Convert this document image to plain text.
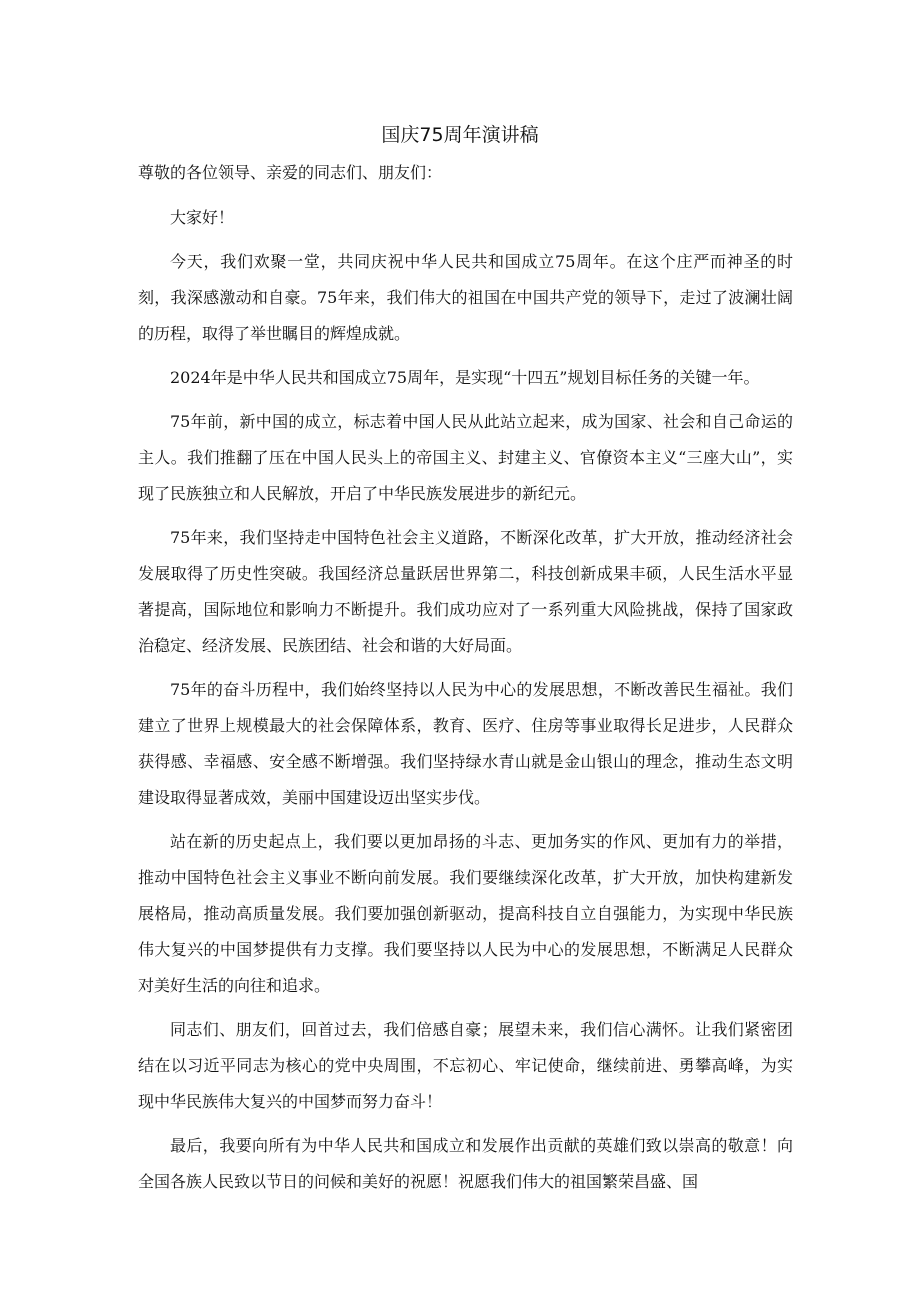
国庆75周年演讲稿

尊敬的各位领导、亲爱的同志们、朋友们：

大家好！

今天，我们欢聚一堂，共同庆祝中华人民共和国成立75周年。在这个庄严而神圣的时刻，我深感激动和自豪。75年来，我们伟大的祖国在中国共产党的领导下，走过了波澜壮阔的历程，取得了举世瞩目的辉煌成就。

2024年是中华人民共和国成立75周年，是实现“十四五”规划目标任务的关键一年。

75年前，新中国的成立，标志着中国人民从此站立起来，成为国家、社会和自己命运的主人。我们推翻了压在中国人民头上的帝国主义、封建主义、官僚资本主义“三座大山”，实现了民族独立和人民解放，开启了中华民族发展进步的新纪元。

75年来，我们坚持走中国特色社会主义道路，不断深化改革，扩大开放，推动经济社会发展取得了历史性突破。我国经济总量跃居世界第二，科技创新成果丰硕，人民生活水平显著提高，国际地位和影响力不断提升。我们成功应对了一系列重大风险挑战，保持了国家政治稳定、经济发展、民族团结、社会和谐的大好局面。

75年的奋斗历程中，我们始终坚持以人民为中心的发展思想，不断改善民生福祉。我们建立了世界上规模最大的社会保障体系，教育、医疗、住房等事业取得长足进步，人民群众获得感、幸福感、安全感不断增强。我们坚持绿水青山就是金山银山的理念，推动生态文明建设取得显著成效，美丽中国建设迈出坚实步伐。

站在新的历史起点上，我们要以更加昂扬的斗志、更加务实的作风、更加有力的举措，推动中国特色社会主义事业不断向前发展。我们要继续深化改革，扩大开放，加快构建新发展格局，推动高质量发展。我们要加强创新驱动，提高科技自立自强能力，为实现中华民族伟大复兴的中国梦提供有力支撑。我们要坚持以人民为中心的发展思想，不断满足人民群众对美好生活的向往和追求。

同志们、朋友们，回首过去，我们倍感自豪；展望未来，我们信心满怀。让我们紧密团结在以习近平同志为核心的党中央周围，不忘初心、牢记使命，继续前进、勇攀高峰，为实现中华民族伟大复兴的中国梦而努力奋斗！

最后，我要向所有为中华人民共和国成立和发展作出贡献的英雄们致以崇高的敬意！向全国各族人民致以节日的问候和美好的祝愿！祝愿我们伟大的祖国繁荣昌盛、国
